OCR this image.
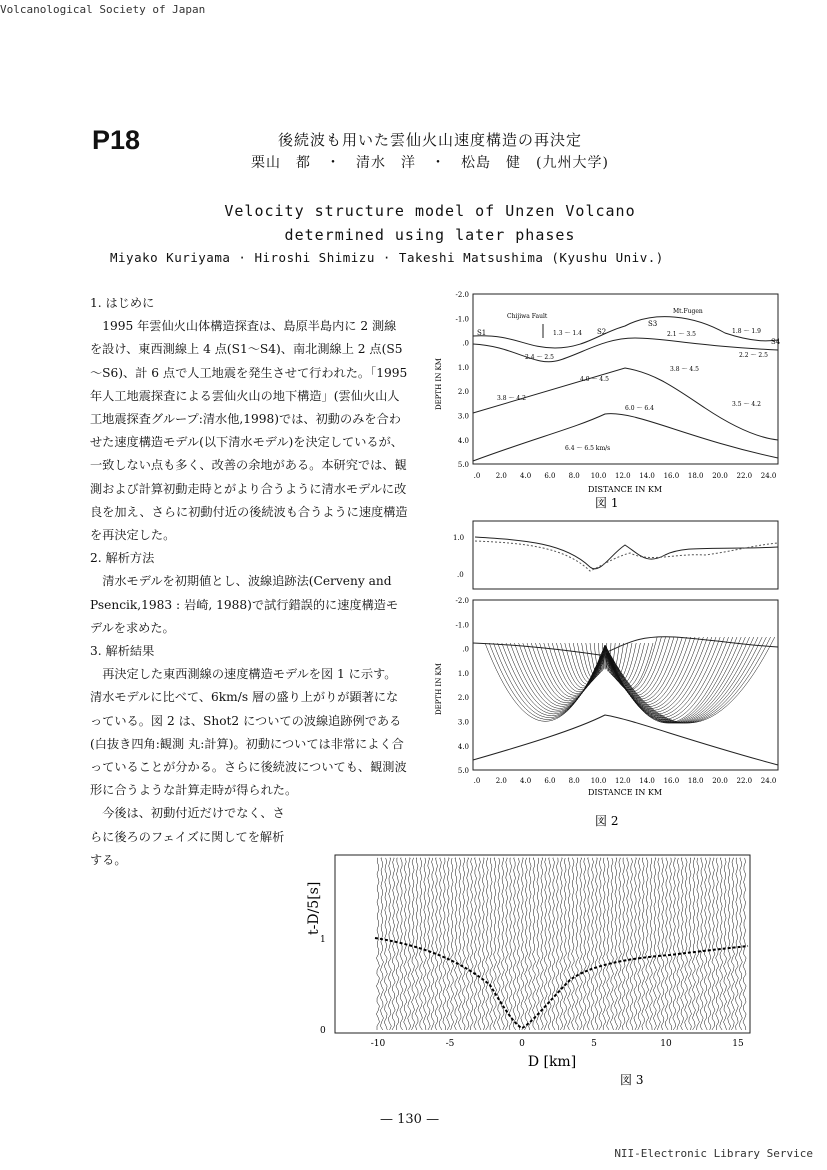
Volcanological Society of Japan
P18	後続波も用いた雲仙火山速度構造の再決定
栗山　都　・　清水　洋　・　松島　健　(九州大学)
Velocity structure model of Unzen Volcano
determined using later phases
Miyako Kuriyama · Hiroshi Shimizu · Takeshi Matsushima (Kyushu Univ.)

1. はじめに

1995 年雲仙火山体構造探査は、島原半島内に 2 測線を設け、東西測線上 4 点(S1～S4)、南北測線上 2 点(S5～S6)、計 6 点で人工地震を発生させて行われた。「1995 年人工地震探査による雲仙火山の地下構造」(雲仙火山人工地震探査グループ:清水他,1998)では、初動のみを合わせた速度構造モデル(以下清水モデル)を決定しているが、一致しない点も多く、改善の余地がある。本研究では、観測および計算初動走時とがより合うように清水モデルに改良を加え、さらに初動付近の後続波も合うように速度構造を再決定した。

2. 解析方法

清水モデルを初期値とし、波線追跡法(Cerveny and Psencik,1983 : 岩崎, 1988)で試行錯誤的に速度構造モデルを求めた。

3. 解析結果

再決定した東西測線の速度構造モデルを図 1 に示す。清水モデルに比べて、6km/s 層の盛り上がりが顕著になっている。図 2 は、Shot2 についての波線追跡例である(白抜き四角:観測 丸:計算)。初動については非常によく合っていることが分かる。さらに後続波についても、観測波形に合うような計算走時が得られた。

今後は、初動付近だけでなく、さらに後ろのフェイズに関してを解析する。

-2.0
-1.0
.0
1.0
2.0
3.0
4.0
5.0
Chijiwa Fault
Mt.Fugen
S1	S2
S3
S4
1.3 ～ 1.4	2.1 ～ 3.5	1.8 ～ 1.9
2.4 ～ 2.5	2.2 ～ 2.5
4.0 ～ 4.5
3.8 ～ 4.5
3.8 ～ 4.2
3.5 ～ 4.2
6.0 ～ 6.4
6.4 ～ 6.5 km/s
DEPTH IN KM
.0 2.0 4.0 6.0 8.0 10.0 12.0 14.0 16.0 18.0 20.0 22.0 24.0
DISTANCE IN KM
図 1
1.0
.0
-2.0
-1.0
.0
1.0
2.0
3.0
4.0
5.0
DEPTH IN KM
.0 2.0 4.0 6.0 8.0 10.0 12.0 14.0 16.0 18.0 20.0 22.0 24.0
DISTANCE IN KM
図 2
t-D/5[s]
1
0
-10	-5	0	5	10	15
D [km]
図 3
— 130 —
NII-Electronic Library Service
